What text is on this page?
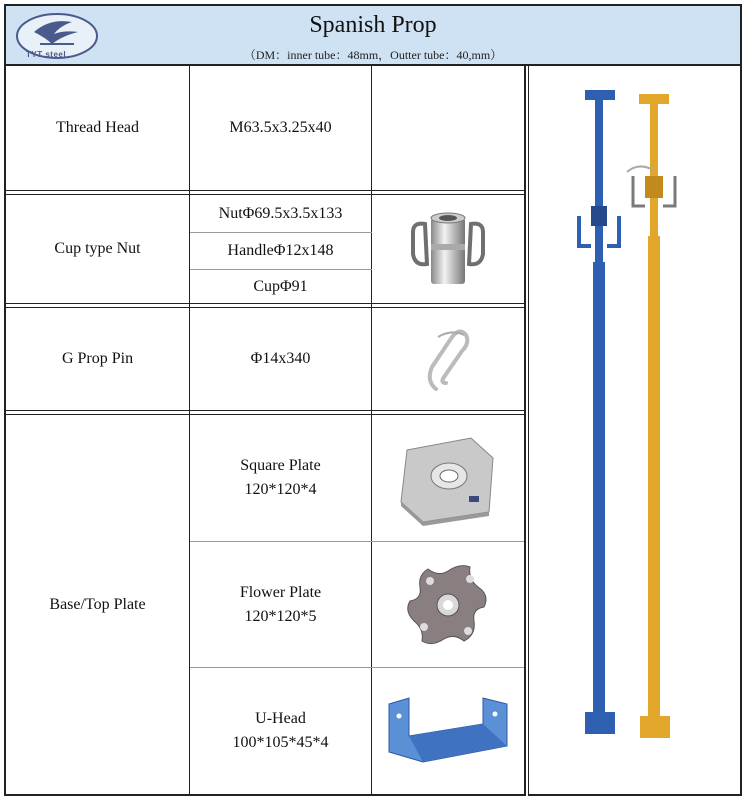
TYT steel
Spanish Prop
（DM：inner tube：48mm，Outter tube：40,mm）
Thread Head	M63.5x3.25x40
Cup type Nut
NutΦ69.5x3.5x133
HandleΦ12x148
CupΦ91
G Prop Pin	Φ14x340
Base/Top Plate
Square Plate
120*120*4
Flower Plate
120*120*5
U-Head
100*105*45*4
